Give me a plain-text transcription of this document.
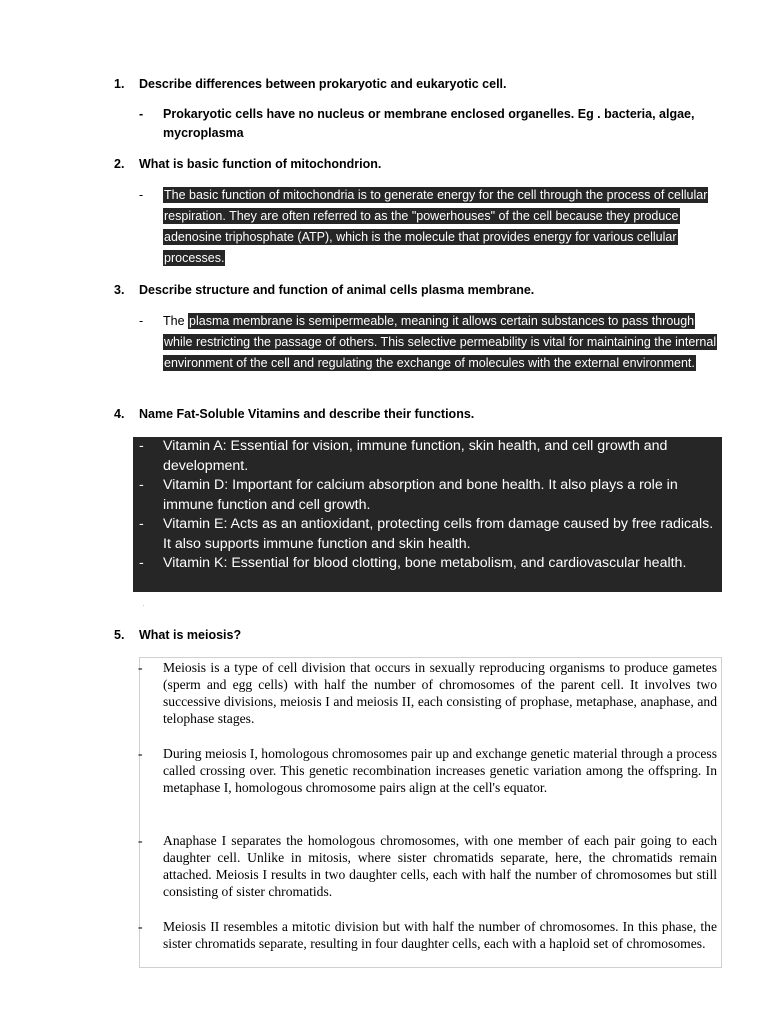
1. Describe differences between prokaryotic and eukaryotic cell.
- Prokaryotic cells have no nucleus or membrane enclosed organelles. Eg . bacteria, algae, mycroplasma
2. What is basic function of mitochondrion.
- The basic function of mitochondria is to generate energy for the cell through the process of cellular respiration. They are often referred to as the "powerhouses" of the cell because they produce adenosine triphosphate (ATP), which is the molecule that provides energy for various cellular processes.
3. Describe structure and function of animal cells plasma membrane.
- The plasma membrane is semipermeable, meaning it allows certain substances to pass through while restricting the passage of others. This selective permeability is vital for maintaining the internal environment of the cell and regulating the exchange of molecules with the external environment.
4. Name Fat-Soluble Vitamins and describe their functions.
- Vitamin A: Essential for vision, immune function, skin health, and cell growth and development.
- Vitamin D: Important for calcium absorption and bone health. It also plays a role in immune function and cell growth.
- Vitamin E: Acts as an antioxidant, protecting cells from damage caused by free radicals. It also supports immune function and skin health.
- Vitamin K: Essential for blood clotting, bone metabolism, and cardiovascular health.
·
5. What is meiosis?
- Meiosis is a type of cell division that occurs in sexually reproducing organisms to produce gametes (sperm and egg cells) with half the number of chromosomes of the parent cell. It involves two successive divisions, meiosis I and meiosis II, each consisting of prophase, metaphase, anaphase, and telophase stages.
- During meiosis I, homologous chromosomes pair up and exchange genetic material through a process called crossing over. This genetic recombination increases genetic variation among the offspring. In metaphase I, homologous chromosome pairs align at the cell's equator.
- Anaphase I separates the homologous chromosomes, with one member of each pair going to each daughter cell. Unlike in mitosis, where sister chromatids separate, here, the chromatids remain attached. Meiosis I results in two daughter cells, each with half the number of chromosomes but still consisting of sister chromatids.
- Meiosis II resembles a mitotic division but with half the number of chromosomes. In this phase, the sister chromatids separate, resulting in four daughter cells, each with a haploid set of chromosomes.
